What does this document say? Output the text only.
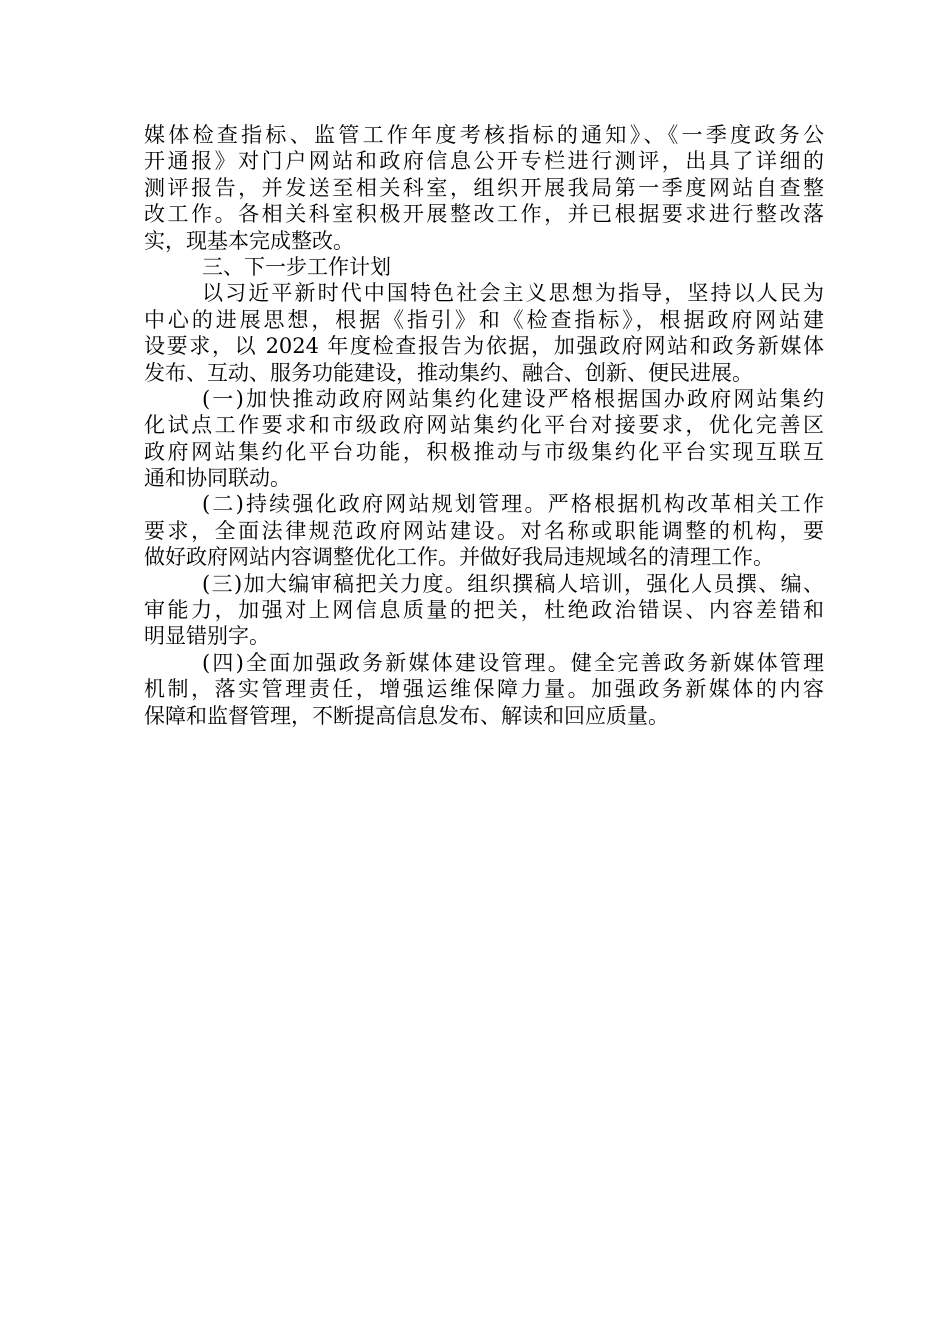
媒体检查指标、监管工作年度考核指标的通知》、《一季度政务公
开通报》对门户网站和政府信息公开专栏进行测评，出具了详细的
测评报告，并发送至相关科室，组织开展我局第一季度网站自查整
改工作。各相关科室积极开展整改工作，并已根据要求进行整改落
实，现基本完成整改。
三、下一步工作计划
以习近平新时代中国特色社会主义思想为指导，坚持以人民为
中心的进展思想，根据《指引》和《检查指标》，根据政府网站建
设要求，以 2024 年度检查报告为依据，加强政府网站和政务新媒体
发布、互动、服务功能建设，推动集约、融合、创新、便民进展。
(一)加快推动政府网站集约化建设严格根据国办政府网站集约
化试点工作要求和市级政府网站集约化平台对接要求，优化完善区
政府网站集约化平台功能，积极推动与市级集约化平台实现互联互
通和协同联动。
(二)持续强化政府网站规划管理。严格根据机构改革相关工作
要求，全面法律规范政府网站建设。对名称或职能调整的机构，要
做好政府网站内容调整优化工作。并做好我局违规域名的清理工作。
(三)加大编审稿把关力度。组织撰稿人培训，强化人员撰、编、
审能力，加强对上网信息质量的把关，杜绝政治错误、内容差错和
明显错别字。
(四)全面加强政务新媒体建设管理。健全完善政务新媒体管理
机制，落实管理责任，增强运维保障力量。加强政务新媒体的内容
保障和监督管理，不断提高信息发布、解读和回应质量。
